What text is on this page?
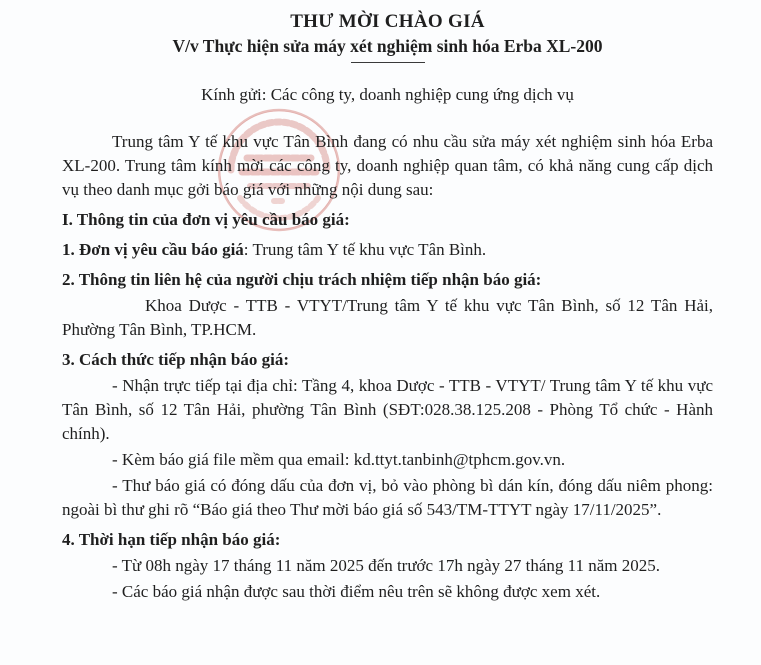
THƯ MỜI CHÀO GIÁ
V/v Thực hiện sửa máy xét nghiệm sinh hóa Erba XL-200
Kính gửi: Các công ty, doanh nghiệp cung ứng dịch vụ

Trung tâm Y tế khu vực Tân Bình đang có nhu cầu sửa máy xét nghiệm sinh hóa Erba XL-200. Trung tâm kính mời các công ty, doanh nghiệp quan tâm, có khả năng cung cấp dịch vụ theo danh mục gởi báo giá với những nội dung sau:

I. Thông tin của đơn vị yêu cầu báo giá:

1. Đơn vị yêu cầu báo giá: Trung tâm Y tế khu vực Tân Bình.

2. Thông tin liên hệ của người chịu trách nhiệm tiếp nhận báo giá:

Khoa Dược - TTB - VTYT/Trung tâm Y tế khu vực Tân Bình, số 12 Tân Hải, Phường Tân Bình, TP.HCM.

3. Cách thức tiếp nhận báo giá:

- Nhận trực tiếp tại địa chỉ: Tầng 4, khoa Dược - TTB - VTYT/ Trung tâm Y tế khu vực Tân Bình, số 12 Tân Hải, phường Tân Bình (SĐT:028.38.125.208 - Phòng Tổ chức - Hành chính).

- Kèm báo giá file mềm qua email: kd.ttyt.tanbinh@tphcm.gov.vn.

- Thư báo giá có đóng dấu của đơn vị, bỏ vào phòng bì dán kín, đóng dấu niêm phong: ngoài bì thư ghi rõ “Báo giá theo Thư mời báo giá số 543/TM-TTYT ngày 17/11/2025”.

4. Thời hạn tiếp nhận báo giá:

- Từ 08h ngày 17 tháng 11 năm 2025 đến trước 17h ngày 27 tháng 11 năm 2025.

- Các báo giá nhận được sau thời điểm nêu trên sẽ không được xem xét.
